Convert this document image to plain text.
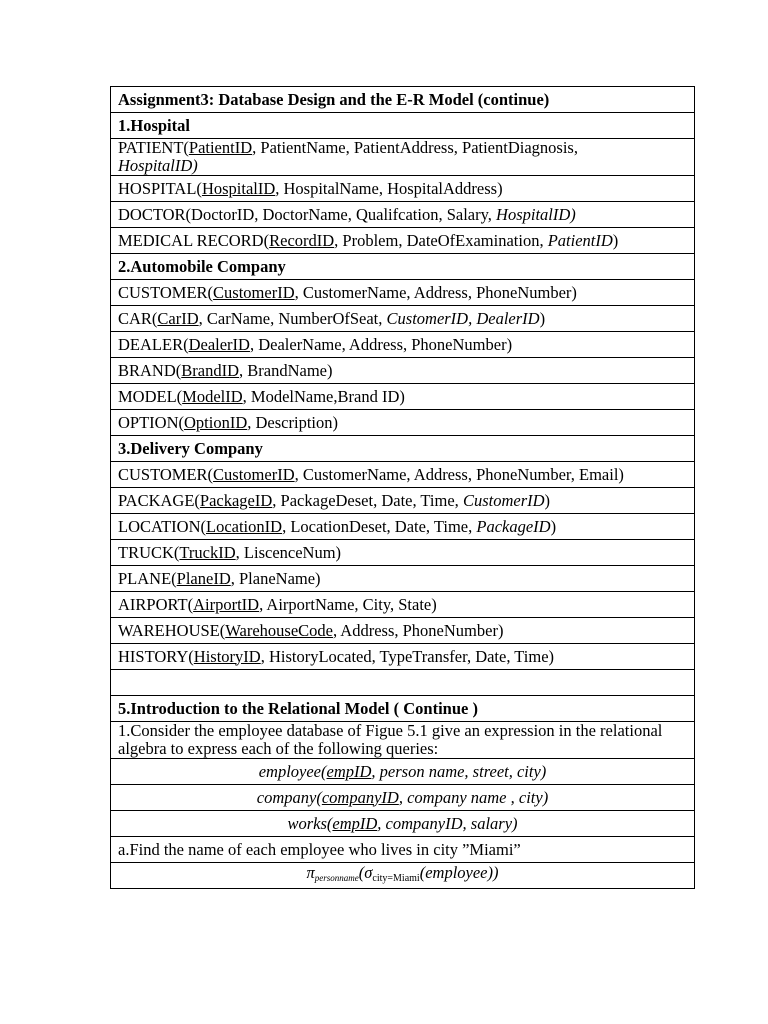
Assignment3: Database Design and the E-R Model (continue)
1.Hospital
PATIENT(PatientID, PatientName, PatientAddress, PatientDiagnosis,
HospitalID)
HOSPITAL(HospitalID, HospitalName, HospitalAddress)
DOCTOR(DoctorID, DoctorName, Qualifcation, Salary, HospitalID)
MEDICAL RECORD(RecordID, Problem, DateOfExamination, PatientID)
2.Automobile Company
CUSTOMER(CustomerID, CustomerName, Address, PhoneNumber)
CAR(CarID, CarName, NumberOfSeat, CustomerID, DealerID)
DEALER(DealerID, DealerName, Address, PhoneNumber)
BRAND(BrandID, BrandName)
MODEL(ModelID, ModelName,Brand ID)
OPTION(OptionID, Description)
3.Delivery Company
CUSTOMER(CustomerID, CustomerName, Address, PhoneNumber, Email)
PACKAGE(PackageID, PackageDeset, Date, Time, CustomerID)
LOCATION(LocationID, LocationDeset, Date, Time, PackageID)
TRUCK(TruckID, LiscenceNum)
PLANE(PlaneID, PlaneName)
AIRPORT(AirportID, AirportName, City, State)
WAREHOUSE(WarehouseCode, Address, PhoneNumber)
HISTORY(HistoryID, HistoryLocated, TypeTransfer, Date, Time)

5.Introduction to the Relational Model ( Continue )
1.Consider the employee database of Figue 5.1 give an expression in the relational algebra to express each of the following queries:
employee(empID, person name, street, city)
company(companyID, company name , city)
works(empID, companyID, salary)
a.Find the name of each employee who lives in city ”Miami”
$\pi_{personname}(\sigma city=Miami(employee))$
